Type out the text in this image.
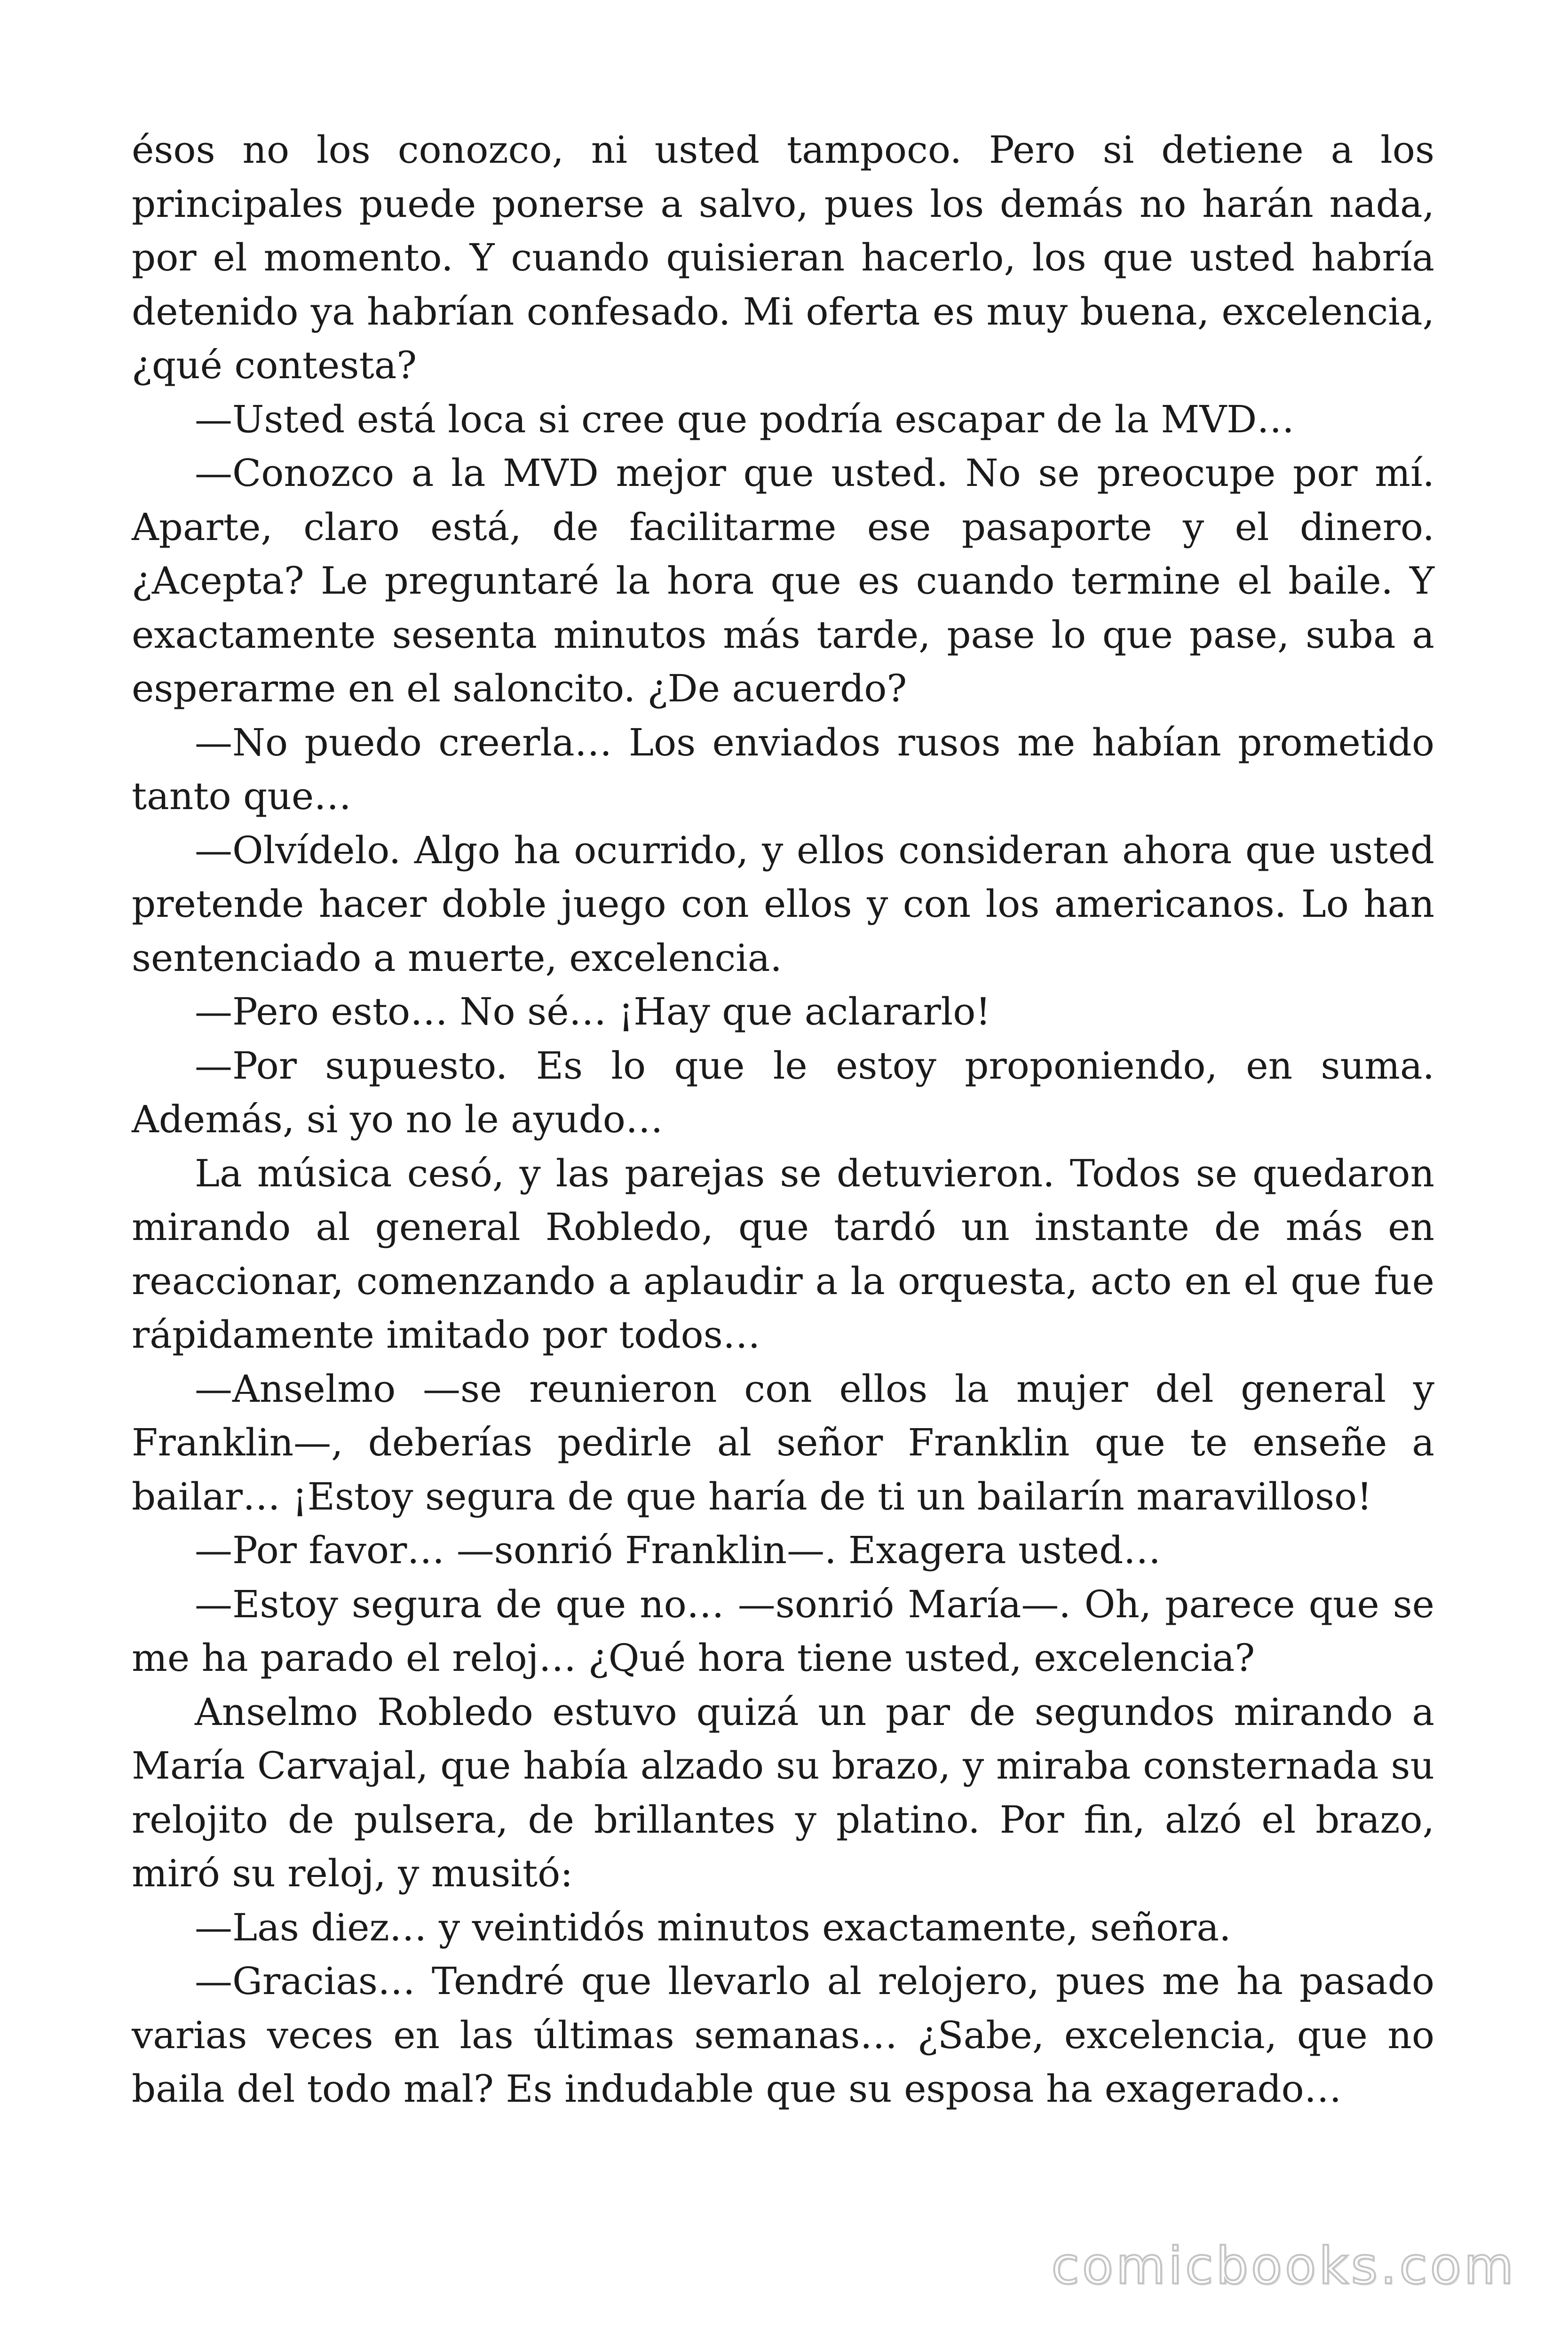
ésos no los conozco, ni usted tampoco. Pero si detiene a los principales puede ponerse a salvo, pues los demás no harán nada, por el momento. Y cuando quisieran hacerlo, los que usted habría detenido ya habrían confesado. Mi oferta es muy buena, excelencia, ¿qué contesta?

—Usted está loca si cree que podría escapar de la MVD…

—Conozco a la MVD mejor que usted. No se preocupe por mí. Aparte, claro está, de facilitarme ese pasaporte y el dinero. ¿Acepta? Le preguntaré la hora que es cuando termine el baile. Y exactamente sesenta minutos más tarde, pase lo que pase, suba a esperarme en el saloncito. ¿De acuerdo?

—No puedo creerla… Los enviados rusos me habían prometido tanto que…

—Olvídelo. Algo ha ocurrido, y ellos consideran ahora que usted pretende hacer doble juego con ellos y con los americanos. Lo han sentenciado a muerte, excelencia.

—Pero esto… No sé… ¡Hay que aclararlo!

—Por supuesto. Es lo que le estoy proponiendo, en suma. Además, si yo no le ayudo…

La música cesó, y las parejas se detuvieron. Todos se quedaron mirando al general Robledo, que tardó un instante de más en reaccionar, comenzando a aplaudir a la orquesta, acto en el que fue rápidamente imitado por todos…

—Anselmo —se reunieron con ellos la mujer del general y Franklin—, deberías pedirle al señor Franklin que te enseñe a bailar… ¡Estoy segura de que haría de ti un bailarín maravilloso!

—Por favor… —sonrió Franklin—. Exagera usted…

—Estoy segura de que no… —sonrió María—. Oh, parece que se me ha parado el reloj… ¿Qué hora tiene usted, excelencia?

Anselmo Robledo estuvo quizá un par de segundos mirando a María Carvajal, que había alzado su brazo, y miraba consternada su relojito de pulsera, de brillantes y platino. Por fin, alzó el brazo, miró su reloj, y musitó:

—Las diez… y veintidós minutos exactamente, señora.

—Gracias… Tendré que llevarlo al relojero, pues me ha pasado varias veces en las últimas semanas… ¿Sabe, excelencia, que no baila del todo mal? Es indudable que su esposa ha exagerado…

comicbooks.com
